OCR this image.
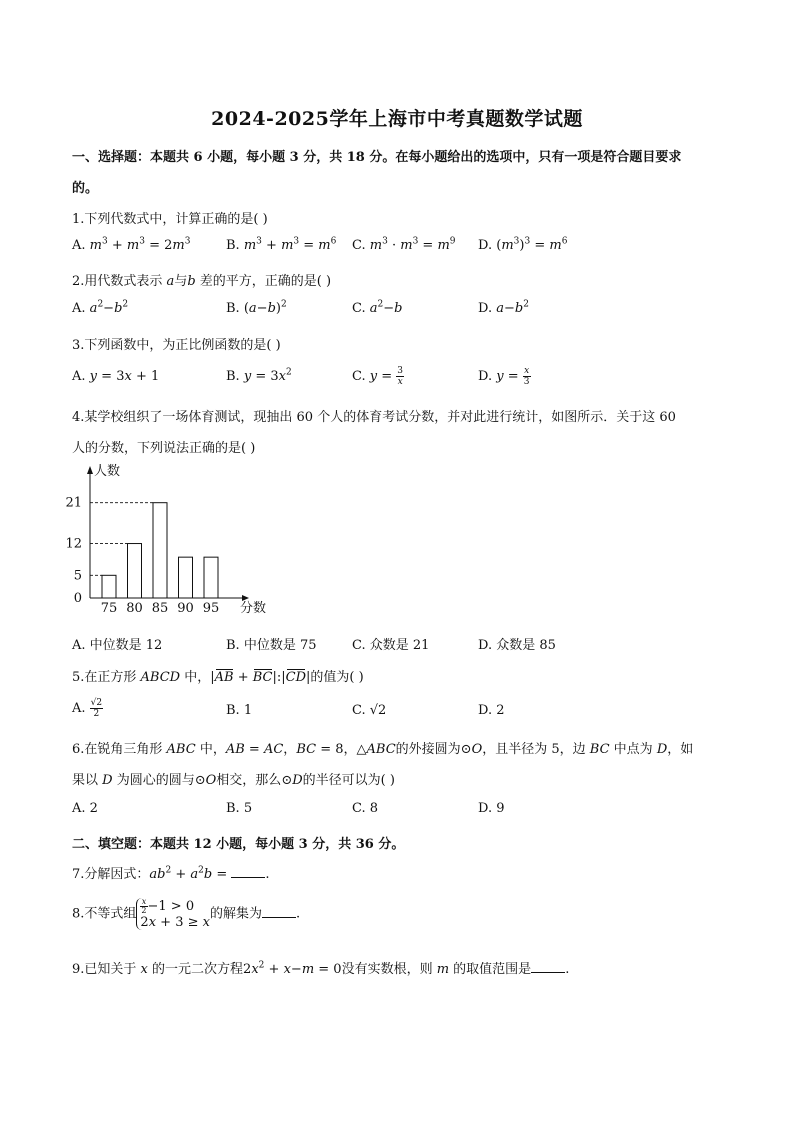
2024-2025学年上海市中考真题数学试题
一、选择题：本题共 6 小题，每小题 3 分，共 18 分。在每小题给出的选项中，只有一项是符合题目要求
的。
1.下列代数式中，计算正确的是( )
A. $m^3 + m^3 = 2m^3$	B. $m^3 + m^3 = m^6$ C. $m^3 \cdot m^3 = m^9$ D. $(m^3)^3 = m^6$
2.用代数式表示 a与b 差的平方，正确的是( )
A. $a^2-b^2$	B. $(a-b)^2$	C. $a^2-b$	D. $a-b^2$
3.下列函数中，为正比例函数的是( )
A. y = 3x + 1	B. $y = 3x^2$	C. $y = \frac{3}{x}$	D. $y = \frac{x}{3}$
4.某学校组织了一场体育测试，现抽出 60 个人的体育考试分数，并对此进行统计，如图所示．关于这 60
人的分数，下列说法正确的是( )
人数
分数
21
12
5
0
75 80 85 90 95
A. 中位数是 12	B. 中位数是 75	C. 众数是 21	D. 众数是 85
5.在正方形 ABCD 中，|AB + BC|:|CD|的值为( )
A. $\frac{√2}{2}$	B. 1	C. √2	D. 2
6.在锐角三角形 ABC 中，AB = AC，BC = 8，△ABC的外接圆为⊙O，且半径为 5，边 BC 中点为 D，如
果以 D 为圆心的圆与⊙O相交，那么⊙D的半径可以为( )
A. 2	B. 5	C. 8	D. 9
二、填空题：本题共 12 小题，每小题 3 分，共 36 分。
7.分解因式：$ab^2 + a^2b$ =	.
8.不等式组 $\frac{x}{2} -1 > 0$
2x + 3 ≥ x
的解集为	.
9.已知关于 x 的一元二次方程$2x^2 + x-m = 0$没有实数根，则 m 的取值范围是	.
